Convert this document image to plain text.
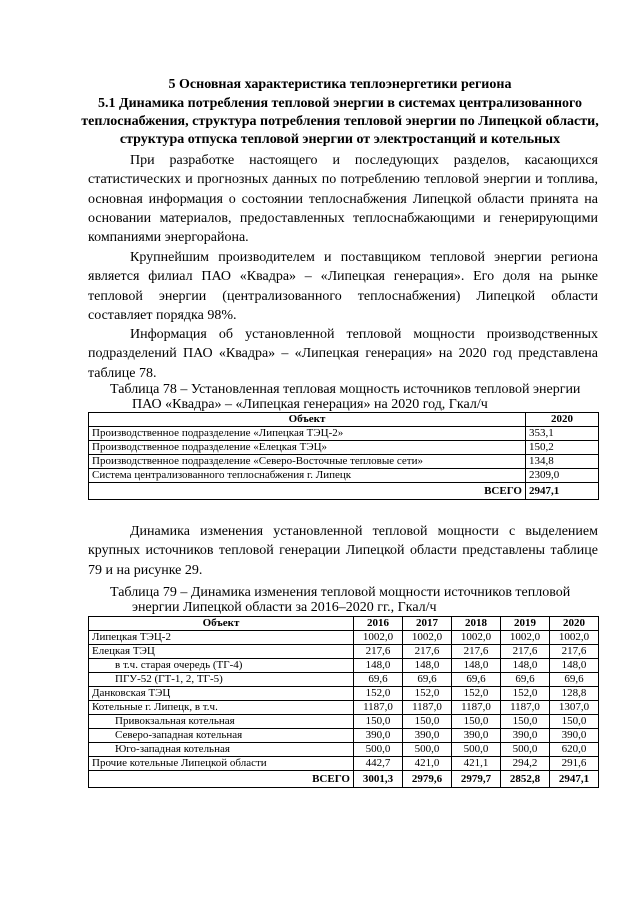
5 Основная характеристика теплоэнергетики региона

5.1 Динамика потребления тепловой энергии в системах централизованного теплоснабжения, структура потребления тепловой энергии по Липецкой области, структура отпуска тепловой энергии от электростанций и котельных

При разработке настоящего и последующих разделов, касающихся статистических и прогнозных данных по потреблению тепловой энергии и топлива, основная информация о состоянии теплоснабжения Липецкой области принята на основании материалов, предоставленных теплоснабжающими и генерирующими компаниями энергорайона.

Крупнейшим производителем и поставщиком тепловой энергии региона является филиал ПАО «Квадра» – «Липецкая генерация». Его доля на рынке тепловой энергии (централизованного теплоснабжения) Липецкой области составляет порядка 98%.

Информация об установленной тепловой мощности производственных подразделений ПАО «Квадра» – «Липецкая генерация» на 2020 год представлена таблице 78.

Таблица 78 – Установленная тепловая мощность источников тепловой энергии

ПАО «Квадра» – «Липецкая генерация» на 2020 год, Гкал/ч

Объект	2020
Производственное подразделение «Липецкая ТЭЦ-2»	353,1
Производственное подразделение «Елецкая ТЭЦ»	150,2
Производственное подразделение «Северо-Восточные тепловые сети»	134,8
Система централизованного теплоснабжения г. Липецк	2309,0
ВСЕГО	2947,1

Динамика изменения установленной тепловой мощности с выделением крупных источников тепловой генерации Липецкой области представлены таблице 79 и на рисунке 29.

Таблица 79 – Динамика изменения тепловой мощности источников тепловой

энергии Липецкой области за 2016–2020 гг., Гкал/ч

Объект	2016	2017	2018	2019	2020
Липецкая ТЭЦ-2	1002,0	1002,0	1002,0	1002,0	1002,0
Елецкая ТЭЦ	217,6	217,6	217,6	217,6	217,6
в т.ч. старая очередь (ТГ-4)	148,0	148,0	148,0	148,0	148,0
ПГУ-52 (ГТ-1, 2, ТГ-5)	69,6	69,6	69,6	69,6	69,6
Данковская ТЭЦ	152,0	152,0	152,0	152,0	128,8
Котельные г. Липецк, в т.ч.	1187,0	1187,0	1187,0	1187,0	1307,0
Привокзальная котельная	150,0	150,0	150,0	150,0	150,0
Северо-западная котельная	390,0	390,0	390,0	390,0	390,0
Юго-западная котельная	500,0	500,0	500,0	500,0	620,0
Прочие котельные Липецкой области	442,7	421,0	421,1	294,2	291,6
ВСЕГО	3001,3	2979,6	2979,7	2852,8	2947,1
